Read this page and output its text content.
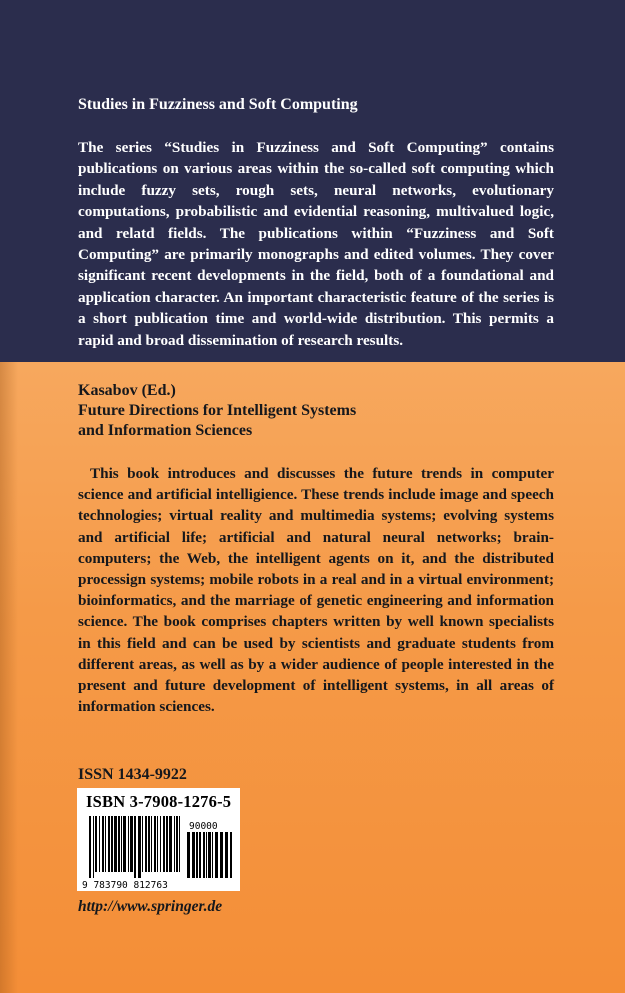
Studies in Fuzziness and Soft Computing

The series “Studies in Fuzziness and Soft Computing” contains publications on various areas within the so-called soft computing which include fuzzy sets, rough sets, neural networks, evolutionary computations, probabilistic and evidential reasoning, multivalued logic, and relatd fields. The publications within “Fuzziness and Soft Computing” are primarily monographs and edited volumes. They cover significant recent developments in the field, both of a foundational and application character. An important characteristic feature of the series is a short publication time and world-wide distribution. This permits a rapid and broad dissemination of research results.

Kasabov (Ed.)
Future Directions for Intelligent Systems
and Information Sciences

This book introduces and discusses the future trends in computer science and artificial intelligience. These trends include image and speech technologies; virtual reality and multimedia systems; evolving systems and artificial life; artificial and natural neural networks; brain-computers; the Web, the intelligent agents on it, and the distributed processign systems; mobile robots in a real and in a virtual environment; bioinformatics, and the marriage of genetic engineering and information science. The book comprises chapters written by well known specialists in this field and can be used by scientists and graduate students from different areas, as well as by a wider audience of people interested in the present and future development of intelligent systems, in all areas of information sciences.

ISSN 1434-9922
9 783790 812763
90000
ISBN 3-7908-1276-5
http://www.springer.de
